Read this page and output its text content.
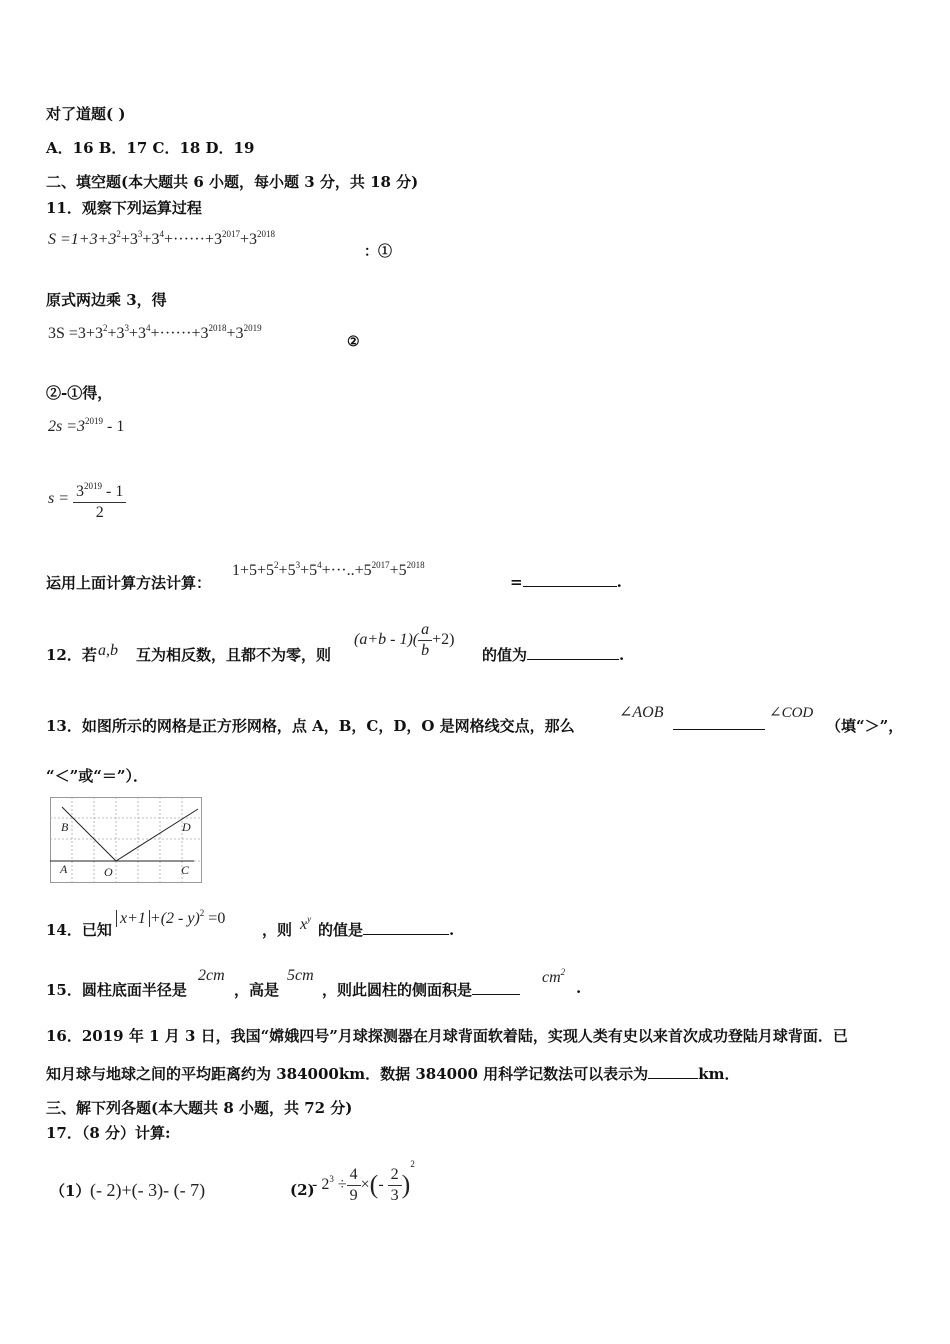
对了道题( )
A．16 B．17 C．18 D．19
二、填空题(本大题共 6 小题，每小题 3 分，共 18 分)
11．观察下列运算过程
$S =1+3+3^2+3^3+3^4+\cdot\cdot\cdot\cdot\cdot\cdot+3^{2017}+3^{2018}$
：①
原式两边乘 3，得
$3S =3+3^2+3^3+3^4+\cdot\cdot\cdot\cdot\cdot\cdot+3^{2018}+3^{2019}$
②
②-①得，
$2s =3^{2019} - 1$
$s = \frac{3^{2019} - 1}{2}$
运用上面计算方法计算：
$1+5+5^2+5^3+5^4+\cdot\cdot\cdot..+5^{2017}+5^{2018}$
=	.
12．若 a,b 互为相反数，且都不为零，则
$(a+b - 1)( \frac{a}{b} +2)$
的值为	.
13．如图所示的网格是正方形网格，点 A，B，C，D，O 是网格线交点，那么
∠AOB	∠COD
（填“＞”，
“＜”或“＝”）．
B	D
A	O	C
14．已知
x+1 +(2 - y)$^2$ =0
，则 $x^y$
的值是	.
15．圆柱底面半径是
2cm
，高是
5cm
，则此圆柱的侧面积是
$cm^2$
.
16．2019 年 1 月 3 日，我国“嫦娥四号”月球探测器在月球背面软着陆，实现人类有史以来首次成功登陆月球背面．已
知月球与地球之间的平均距离约为 384000km．数据 384000 用科学记数法可以表示为	km．
三、解下列各题(本大题共 8 小题，共 72 分)
17．（8 分）计算:
（1） (- 2)+(- 3)- (- 7)	(2)
- $2^3 \div \frac{4}{9}$ ×(- $\frac{2}{3} )^2$
